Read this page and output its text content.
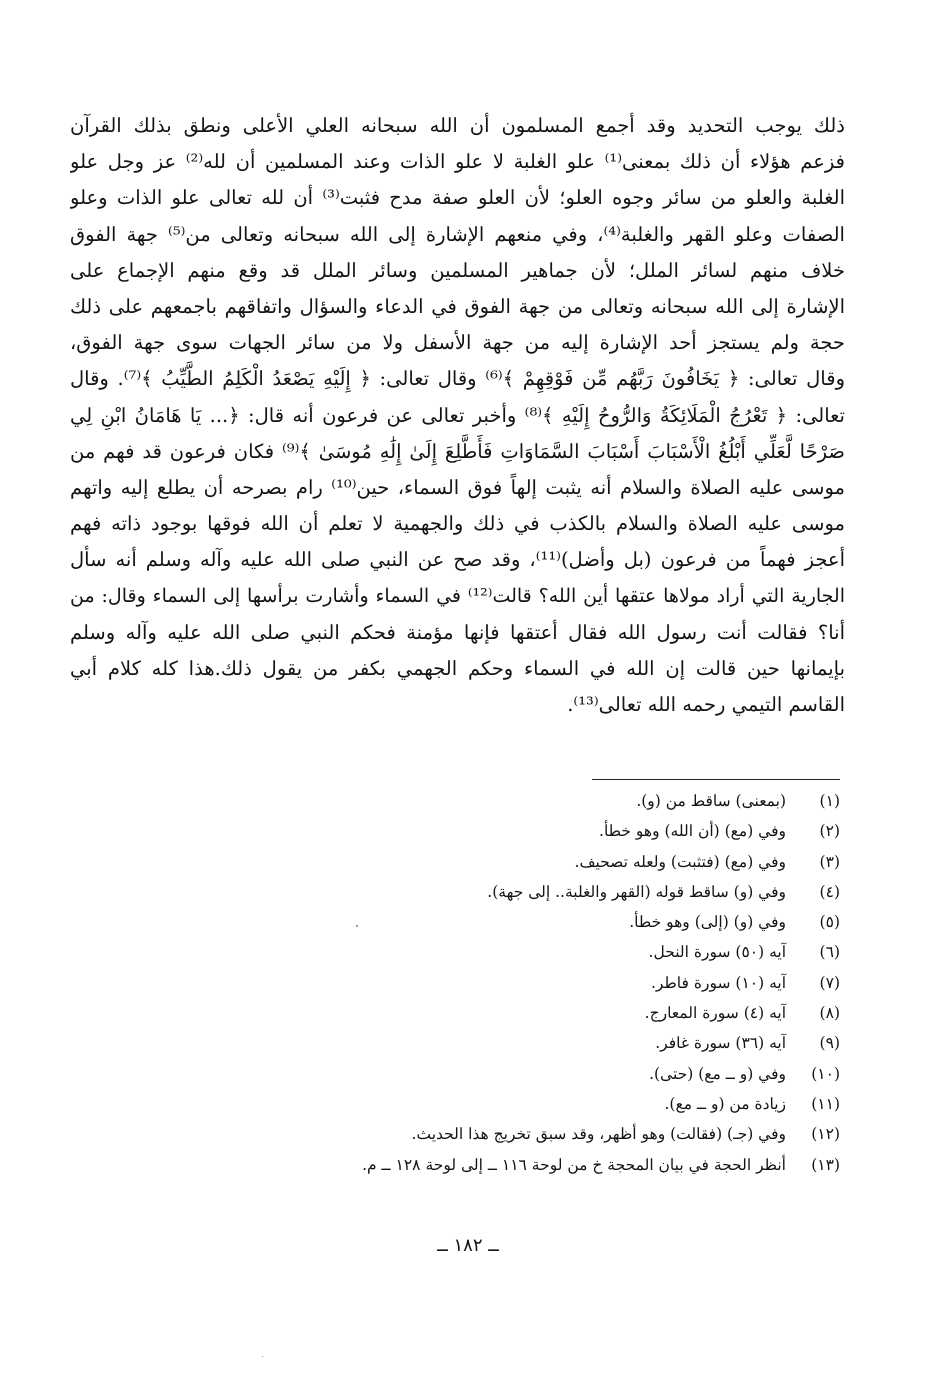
ذلك يوجب التحديد وقد أجمع المسلمون أن الله سبحانه العلي الأعلى ونطق بذلك القرآن
فزعم هؤلاء أن ذلك بمعنى⁽¹⁾ علو الغلبة لا علو الذات وعند المسلمين أن لله⁽²⁾ عز وجل علو
الغلبة والعلو من سائر وجوه العلو؛ لأن العلو صفة مدح فثبت⁽³⁾ أن لله تعالى علو الذات وعلو
الصفات وعلو القهر والغلبة⁽⁴⁾، وفي منعهم الإشارة إلى الله سبحانه وتعالى من⁽⁵⁾ جهة الفوق
خلاف منهم لسائر الملل؛ لأن جماهير المسلمين وسائر الملل قد وقع منهم الإجماع على
الإشارة إلى الله سبحانه وتعالى من جهة الفوق في الدعاء والسؤال واتفاقهم باجمعهم على ذلك
حجة ولم يستجز أحد الإشارة إليه من جهة الأسفل ولا من سائر الجهات سوى جهة الفوق،
وقال تعالى: ﴿ يَخَافُونَ رَبَّهُم مِّن فَوْقِهِمْ ﴾⁽⁶⁾ وقال تعالى: ﴿ إِلَيْهِ يَصْعَدُ الْكَلِمُ الطَّيِّبُ ﴾⁽⁷⁾. وقال
تعالى: ﴿ تَعْرُجُ الْمَلَائِكَةُ وَالرُّوحُ إِلَيْهِ ﴾⁽⁸⁾ وأخبر تعالى عن فرعون أنه قال: ﴿... يَا هَامَانُ ابْنِ لِي
صَرْحًا لَّعَلِّي أَبْلُغُ الْأَسْبَابَ أَسْبَابَ السَّمَاوَاتِ فَأَطَّلِعَ إِلَىٰ إِلَٰهِ مُوسَىٰ ﴾⁽⁹⁾ فكان فرعون قد فهم من
موسى عليه الصلاة والسلام أنه يثبت إلهاً فوق السماء، حين⁽¹⁰⁾ رام بصرحه أن يطلع إليه واتهم
موسى عليه الصلاة والسلام بالكذب في ذلك والجهمية لا تعلم أن الله فوقها بوجود ذاته فهم
أعجز فهماً من فرعون (بل وأضل)⁽¹¹⁾، وقد صح عن النبي صلى الله عليه وآله وسلم أنه سأل
الجارية التي أراد مولاها عتقها أين الله؟ قالت⁽¹²⁾ في السماء وأشارت برأسها إلى السماء وقال: من
أنا؟ فقالت أنت رسول الله فقال أعتقها فإنها مؤمنة فحكم النبي صلى الله عليه وآله وسلم
بإيمانها حين قالت إن الله في السماء وحكم الجهمي بكفر من يقول ذلك.هذا كله كلام أبي
القاسم التيمي رحمه الله تعالى⁽¹³⁾.
(١)
(بمعنى) ساقط من (و).
(٢)
وفي (مع) (أن الله) وهو خطأ.
(٣)
وفي (مع) (فتثبت) ولعله تصحيف.
(٤)
وفي (و) ساقط قوله (القهر والغلبة.. إلى جهة).
(٥)
وفي (و) (إلى) وهو خطأ.
(٦)
آيه (٥٠) سورة النحل.
(٧)
آيه (١٠) سورة فاطر.
(٨)
آيه (٤) سورة المعارج.
(٩)
آيه (٣٦) سورة غافر.
(١٠)
وفي (و ــ مع) (حتى).
(١١)
زيادة من (و ــ مع).
(١٢)
وفي (جـ) (فقالت) وهو أظهر، وقد سبق تخريج هذا الحديث.
(١٣)
أنظر الحجة في بيان المحجة خ من لوحة ١١٦ ــ إلى لوحة ١٢٨ ــ م.
ــ ١٨٢ ــ
